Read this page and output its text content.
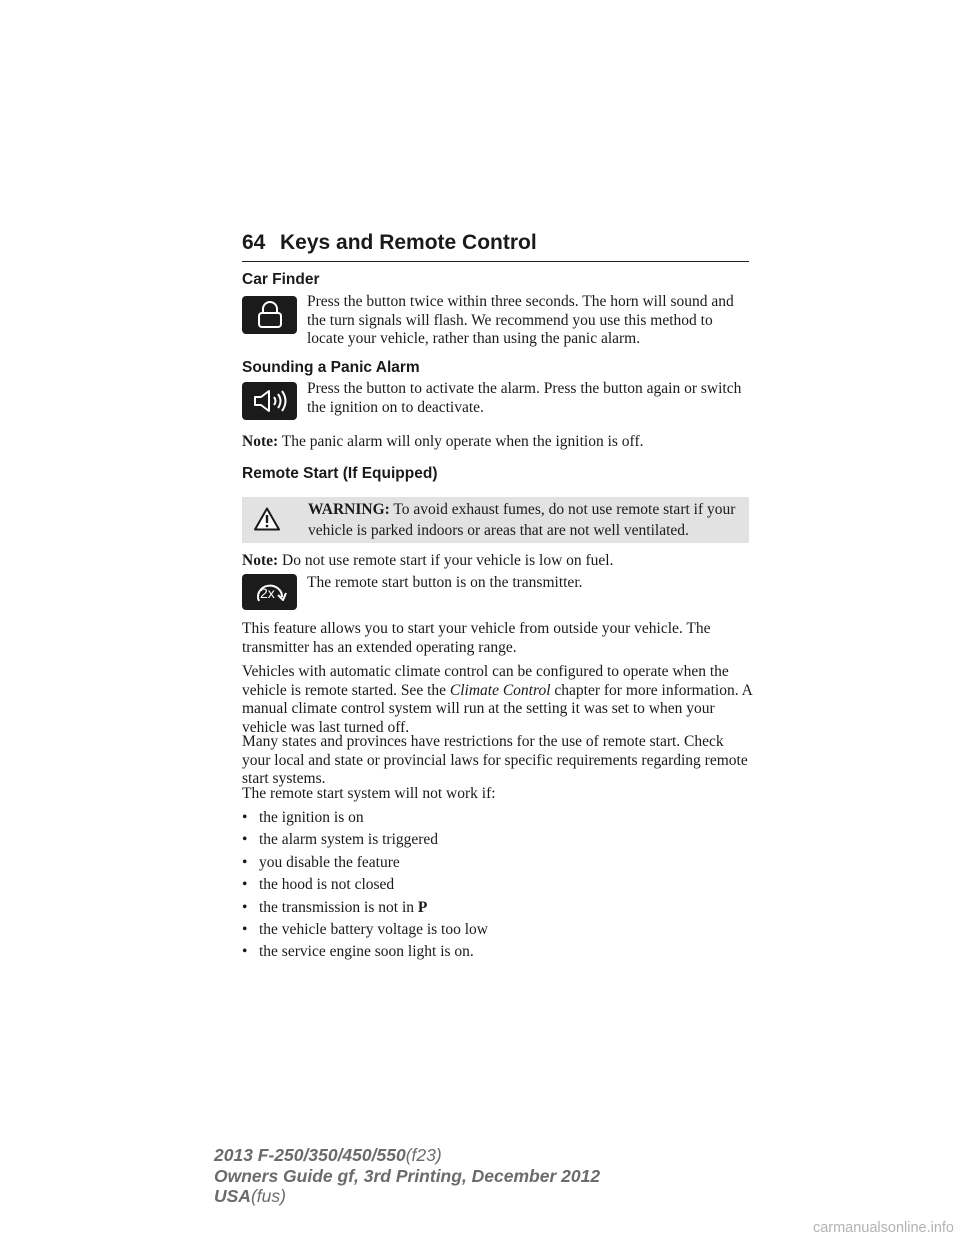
64 Keys and Remote Control
Car Finder

Press the button twice within three seconds. The horn will sound and the turn signals will flash. We recommend you use this method to locate your vehicle, rather than using the panic alarm.

Sounding a Panic Alarm

Press the button to activate the alarm. Press the button again or switch the ignition on to deactivate.

Note: The panic alarm will only operate when the ignition is off.

Remote Start (If Equipped)

WARNING: To avoid exhaust fumes, do not use remote start if your vehicle is parked indoors or areas that are not well ventilated.

Note: Do not use remote start if your vehicle is low on fuel.

2x

The remote start button is on the transmitter.

This feature allows you to start your vehicle from outside your vehicle. The transmitter has an extended operating range.

Vehicles with automatic climate control can be configured to operate when the vehicle is remote started. See the Climate Control chapter for more information. A manual climate control system will run at the setting it was set to when your vehicle was last turned off.

Many states and provinces have restrictions for the use of remote start. Check your local and state or provincial laws for specific requirements regarding remote start systems.

The remote start system will not work if:

• the ignition is on
• the alarm system is triggered
• you disable the feature
• the hood is not closed
• the transmission is not in P
• the vehicle battery voltage is too low
• the service engine soon light is on.
2013 F-250/350/450/550(f23)
Owners Guide gf, 3rd Printing, December 2012
USA(fus)
carmanualsonline.info
